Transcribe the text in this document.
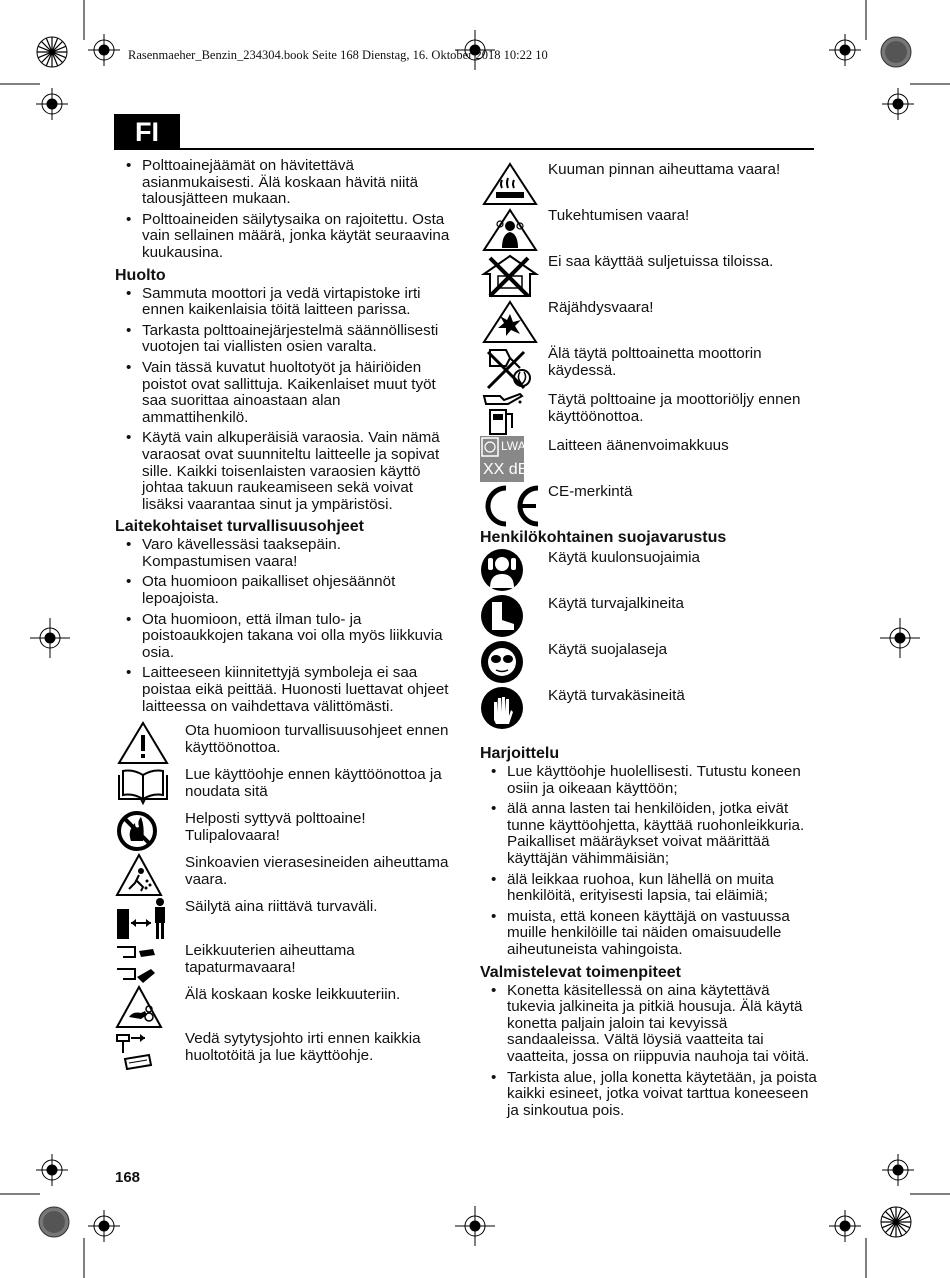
Rasenmaeher_Benzin_234304.book Seite 168 Dienstag, 16. Oktober 2018 10:22 10
FI
• Polttoainejäämät on hävitettävä asianmukaisesti. Älä koskaan hävitä niitä talousjätteen mukaan.
• Polttoaineiden säilytysaika on rajoitettu. Osta vain sellainen määrä, jonka käytät seuraavina kuukausina.
Huolto
• Sammuta moottori ja vedä virtapistoke irti ennen kaikenlaisia töitä laitteen parissa.
• Tarkasta polttoainejärjestelmä säännöllisesti vuotojen tai viallisten osien varalta.
• Vain tässä kuvatut huoltotyöt ja häiriöiden poistot ovat sallittuja. Kaikenlaiset muut työt saa suorittaa ainoastaan alan ammattihenkilö.
• Käytä vain alkuperäisiä varaosia. Vain nämä varaosat ovat suunniteltu laitteelle ja sopivat sille. Kaikki toisenlaisten varaosien käyttö johtaa takuun raukeamiseen sekä voivat lisäksi vaarantaa sinut ja ympäristösi.
Laitekohtaiset turvallisuusohjeet
• Varo kävellessäsi taaksepäin. Kompastumisen vaara!
• Ota huomioon paikalliset ohjesäännöt lepoajoista.
• Ota huomioon, että ilman tulo- ja poistoaukkojen takana voi olla myös liikkuvia osia.
• Laitteeseen kiinnitettyjä symboleja ei saa poistaa eikä peittää. Huonosti luettavat ohjeet laitteessa on vaihdettava välittömästi.
Ota huomioon turvallisuusohjeet ennen käyttöönottoa.
Lue käyttöohje ennen käyttöönottoa ja noudata sitä
Helposti syttyvä polttoaine! Tulipalovaara!
Sinkoavien vierasesineiden aiheuttama vaara.
Säilytä aina riittävä turvaväli.
Leikkuuterien aiheuttama tapaturmavaara!
Älä koskaan koske leikkuuteriin.
Vedä sytytysjohto irti ennen kaikkia huoltotöitä ja lue käyttöohje.
Kuuman pinnan aiheuttama vaara!
Tukehtumisen vaara!
Ei saa käyttää suljetuissa tiloissa.
Räjähdysvaara!
Älä täytä polttoainetta moottorin käydessä.
Täytä polttoaine ja moottoriöljy ennen käyttöönottoa.
LWA
XX dB
Laitteen äänenvoimakkuus
CE-merkintä
Henkilökohtainen suojavarustus
Käytä kuulonsuojaimia
Käytä turvajalkineita
Käytä suojalaseja
Käytä turvakäsineitä
Harjoittelu
• Lue käyttöohje huolellisesti. Tutustu koneen osiin ja oikeaan käyttöön;
• älä anna lasten tai henkilöiden, jotka eivät tunne käyttöohjetta, käyttää ruohonleikkuria. Paikalliset määräykset voivat määrittää käyttäjän vähimmäisiän;
• älä leikkaa ruohoa, kun lähellä on muita henkilöitä, erityisesti lapsia, tai eläimiä;
• muista, että koneen käyttäjä on vastuussa muille henkilöille tai näiden omaisuudelle aiheutuneista vahingoista.
Valmistelevat toimenpiteet
• Konetta käsitellessä on aina käytettävä tukevia jalkineita ja pitkiä housuja. Älä käytä konetta paljain jaloin tai kevyissä sandaaleissa. Vältä löysiä vaatteita tai vaatteita, jossa on riippuvia nauhoja tai vöitä.
• Tarkista alue, jolla konetta käytetään, ja poista kaikki esineet, jotka voivat tarttua koneeseen ja sinkoutua pois.
168
